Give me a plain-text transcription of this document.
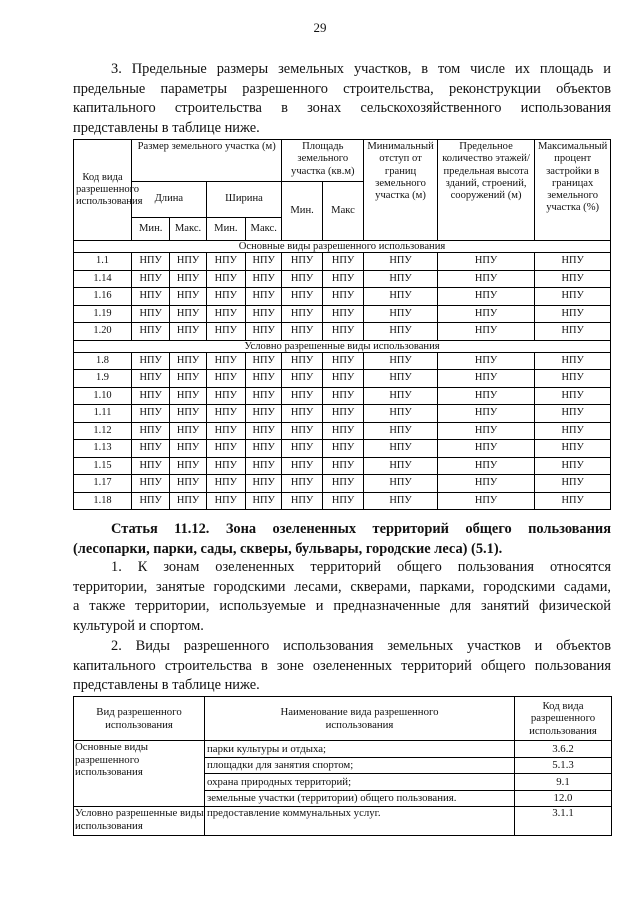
29
3. Предельные размеры земельных участков, в том числе их площадь и
предельные параметры разрешенного строительства, реконструкции объектов
капитального строительства в зонах сельскохозяйственного использования
представлены в таблице ниже.
Код вида разрешенного использования	Размер земельного участка (м)				Площадь земельного участка (кв.м)		Минимальный отступ от границ земельного участка (м)	Предельное количество этажей/ предельная высота зданий, строений, сооружений (м)	Максимальный процент застройки в границах земельного участка (%)
	Длина		Ширина		Мин.	Макс			
	Мин.	Макс.	Мин.	Макс.					
Основные виды разрешенного использования									
1.1	НПУ	НПУ	НПУ	НПУ	НПУ	НПУ	НПУ	НПУ	НПУ
1.14	НПУ	НПУ	НПУ	НПУ	НПУ	НПУ	НПУ	НПУ	НПУ
1.16	НПУ	НПУ	НПУ	НПУ	НПУ	НПУ	НПУ	НПУ	НПУ
1.19	НПУ	НПУ	НПУ	НПУ	НПУ	НПУ	НПУ	НПУ	НПУ
1.20	НПУ	НПУ	НПУ	НПУ	НПУ	НПУ	НПУ	НПУ	НПУ
Условно разрешенные виды использования									
1.8	НПУ	НПУ	НПУ	НПУ	НПУ	НПУ	НПУ	НПУ	НПУ
1.9	НПУ	НПУ	НПУ	НПУ	НПУ	НПУ	НПУ	НПУ	НПУ
1.10	НПУ	НПУ	НПУ	НПУ	НПУ	НПУ	НПУ	НПУ	НПУ
1.11	НПУ	НПУ	НПУ	НПУ	НПУ	НПУ	НПУ	НПУ	НПУ
1.12	НПУ	НПУ	НПУ	НПУ	НПУ	НПУ	НПУ	НПУ	НПУ
1.13	НПУ	НПУ	НПУ	НПУ	НПУ	НПУ	НПУ	НПУ	НПУ
1.15	НПУ	НПУ	НПУ	НПУ	НПУ	НПУ	НПУ	НПУ	НПУ
1.17	НПУ	НПУ	НПУ	НПУ	НПУ	НПУ	НПУ	НПУ	НПУ
1.18	НПУ	НПУ	НПУ	НПУ	НПУ	НПУ	НПУ	НПУ	НПУ
Статья 11.12. Зона озелененных территорий общего пользования (лесопарки, парки, сады, скверы, бульвары, городские леса) (5.1).
1. К зонам озелененных территорий общего пользования относятся
территории, занятые городскими лесами, скверами, парками, городскими садами,
а также территории, используемые и предназначенные для занятий физической
культурой и спортом.
2. Виды разрешенного использования земельных участков и объектов
капитального строительства в зоне озелененных территорий общего пользования
представлены в таблице ниже.
Вид разрешенного использования	Наименование вида разрешенного использования	Код вида разрешенного использования
Основные виды разрешенного использования	парки культуры и отдыха;	3.6.2
	площадки для занятия спортом;	5.1.3
	охрана природных территорий;	9.1
	земельные участки (территории) общего пользования.	12.0
Условно разрешенные виды использования	предоставление коммунальных услуг.	3.1.1
